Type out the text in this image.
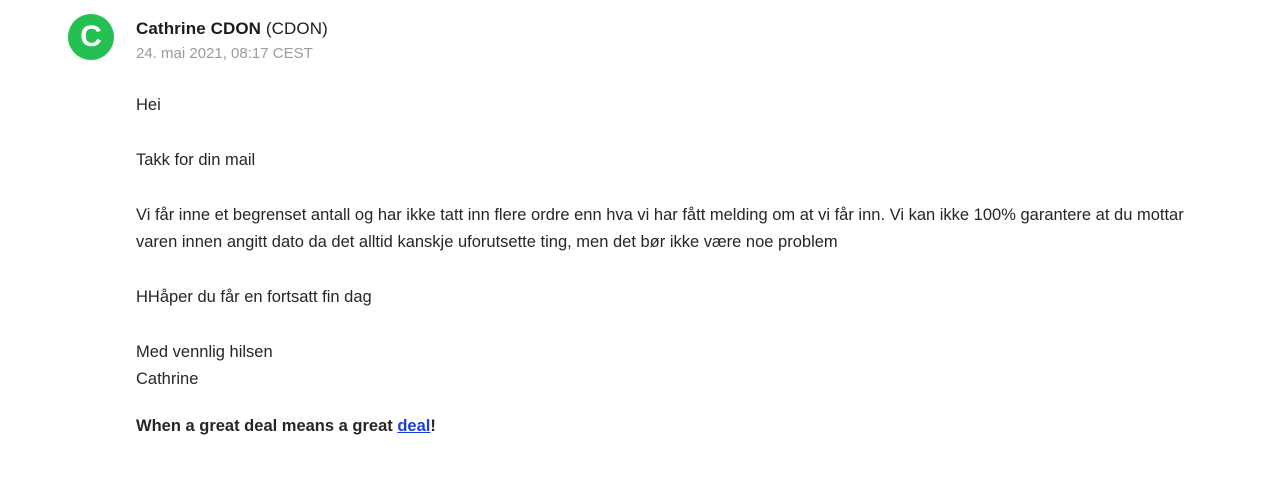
C	Cathrine CDON (CDON)
24. mai 2021, 08:17 CEST

Hei

Takk for din mail

Vi får inne et begrenset antall og har ikke tatt inn flere ordre enn hva vi har fått melding om at vi får inn. Vi kan ikke 100% garantere at du mottar varen innen angitt dato da det alltid kanskje uforutsette ting, men det bør ikke være noe problem

HHåper du får en fortsatt fin dag

Med vennlig hilsen

Cathrine

When a great deal means a great deal!
